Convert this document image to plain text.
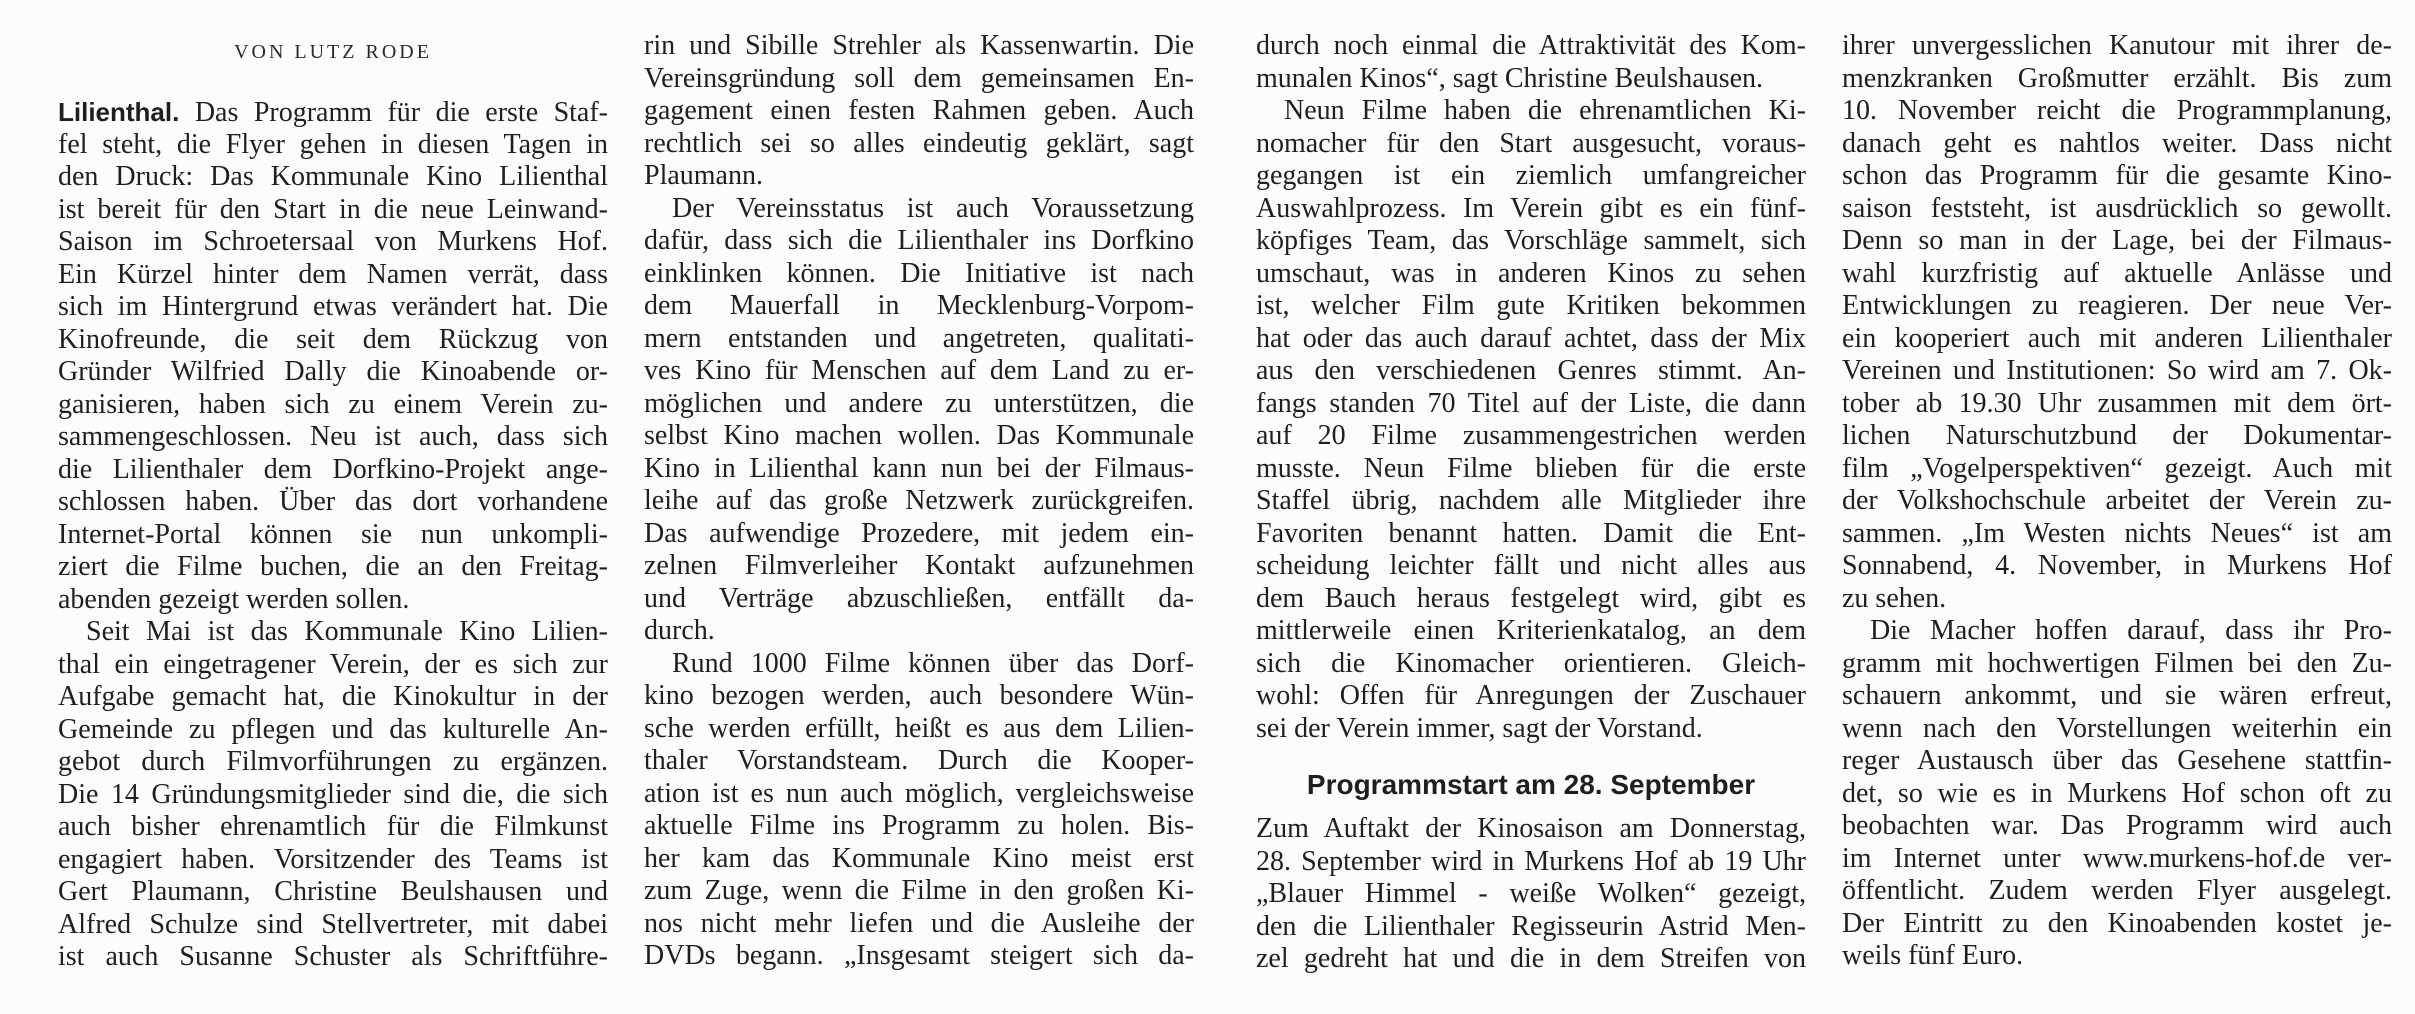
VON LUTZ RODE
Lilienthal. Das Programm für die erste Staf-
fel steht, die Flyer gehen in diesen Tagen in
den Druck: Das Kommunale Kino Lilienthal
ist bereit für den Start in die neue Leinwand-
Saison im Schroetersaal von Murkens Hof.
Ein Kürzel hinter dem Namen verrät, dass
sich im Hintergrund etwas verändert hat. Die
Kinofreunde, die seit dem Rückzug von
Gründer Wilfried Dally die Kinoabende or-
ganisieren, haben sich zu einem Verein zu-
sammengeschlossen. Neu ist auch, dass sich
die Lilienthaler dem Dorfkino-Projekt ange-
schlossen haben. Über das dort vorhandene
Internet-Portal können sie nun unkompli-
ziert die Filme buchen, die an den Freitag-
abenden gezeigt werden sollen.
Seit Mai ist das Kommunale Kino Lilien-
thal ein eingetragener Verein, der es sich zur
Aufgabe gemacht hat, die Kinokultur in der
Gemeinde zu pflegen und das kulturelle An-
gebot durch Filmvorführungen zu ergänzen.
Die 14 Gründungsmitglieder sind die, die sich
auch bisher ehrenamtlich für die Filmkunst
engagiert haben. Vorsitzender des Teams ist
Gert Plaumann, Christine Beulshausen und
Alfred Schulze sind Stellvertreter, mit dabei
ist auch Susanne Schuster als Schriftführe-
rin und Sibille Strehler als Kassenwartin. Die
Vereinsgründung soll dem gemeinsamen En-
gagement einen festen Rahmen geben. Auch
rechtlich sei so alles eindeutig geklärt, sagt
Plaumann.
Der Vereinsstatus ist auch Voraussetzung
dafür, dass sich die Lilienthaler ins Dorfkino
einklinken können. Die Initiative ist nach
dem Mauerfall in Mecklenburg-Vorpom-
mern entstanden und angetreten, qualitati-
ves Kino für Menschen auf dem Land zu er-
möglichen und andere zu unterstützen, die
selbst Kino machen wollen. Das Kommunale
Kino in Lilienthal kann nun bei der Filmaus-
leihe auf das große Netzwerk zurückgreifen.
Das aufwendige Prozedere, mit jedem ein-
zelnen Filmverleiher Kontakt aufzunehmen
und Verträge abzuschließen, entfällt da-
durch.
Rund 1000 Filme können über das Dorf-
kino bezogen werden, auch besondere Wün-
sche werden erfüllt, heißt es aus dem Lilien-
thaler Vorstandsteam. Durch die Kooper-
ation ist es nun auch möglich, vergleichsweise
aktuelle Filme ins Programm zu holen. Bis-
her kam das Kommunale Kino meist erst
zum Zuge, wenn die Filme in den großen Ki-
nos nicht mehr liefen und die Ausleihe der
DVDs begann. „Insgesamt steigert sich da-
durch noch einmal die Attraktivität des Kom-
munalen Kinos“, sagt Christine Beulshausen.
Neun Filme haben die ehrenamtlichen Ki-
nomacher für den Start ausgesucht, voraus-
gegangen ist ein ziemlich umfangreicher
Auswahlprozess. Im Verein gibt es ein fünf-
köpfiges Team, das Vorschläge sammelt, sich
umschaut, was in anderen Kinos zu sehen
ist, welcher Film gute Kritiken bekommen
hat oder das auch darauf achtet, dass der Mix
aus den verschiedenen Genres stimmt. An-
fangs standen 70 Titel auf der Liste, die dann
auf 20 Filme zusammengestrichen werden
musste. Neun Filme blieben für die erste
Staffel übrig, nachdem alle Mitglieder ihre
Favoriten benannt hatten. Damit die Ent-
scheidung leichter fällt und nicht alles aus
dem Bauch heraus festgelegt wird, gibt es
mittlerweile einen Kriterienkatalog, an dem
sich die Kinomacher orientieren. Gleich-
wohl: Offen für Anregungen der Zuschauer
sei der Verein immer, sagt der Vorstand.
Programmstart am 28. September
Zum Auftakt der Kinosaison am Donnerstag,
28. September wird in Murkens Hof ab 19 Uhr
„Blauer Himmel - weiße Wolken“ gezeigt,
den die Lilienthaler Regisseurin Astrid Men-
zel gedreht hat und die in dem Streifen von
ihrer unvergesslichen Kanutour mit ihrer de-
menzkranken Großmutter erzählt. Bis zum
10. November reicht die Programmplanung,
danach geht es nahtlos weiter. Dass nicht
schon das Programm für die gesamte Kino-
saison feststeht, ist ausdrücklich so gewollt.
Denn so man in der Lage, bei der Filmaus-
wahl kurzfristig auf aktuelle Anlässe und
Entwicklungen zu reagieren. Der neue Ver-
ein kooperiert auch mit anderen Lilienthaler
Vereinen und Institutionen: So wird am 7. Ok-
tober ab 19.30 Uhr zusammen mit dem ört-
lichen Naturschutzbund der Dokumentar-
film „Vogelperspektiven“ gezeigt. Auch mit
der Volkshochschule arbeitet der Verein zu-
sammen. „Im Westen nichts Neues“ ist am
Sonnabend, 4. November, in Murkens Hof
zu sehen.
Die Macher hoffen darauf, dass ihr Pro-
gramm mit hochwertigen Filmen bei den Zu-
schauern ankommt, und sie wären erfreut,
wenn nach den Vorstellungen weiterhin ein
reger Austausch über das Gesehene stattfin-
det, so wie es in Murkens Hof schon oft zu
beobachten war. Das Programm wird auch
im Internet unter www.murkens-hof.de ver-
öffentlicht. Zudem werden Flyer ausgelegt.
Der Eintritt zu den Kinoabenden kostet je-
weils fünf Euro.
